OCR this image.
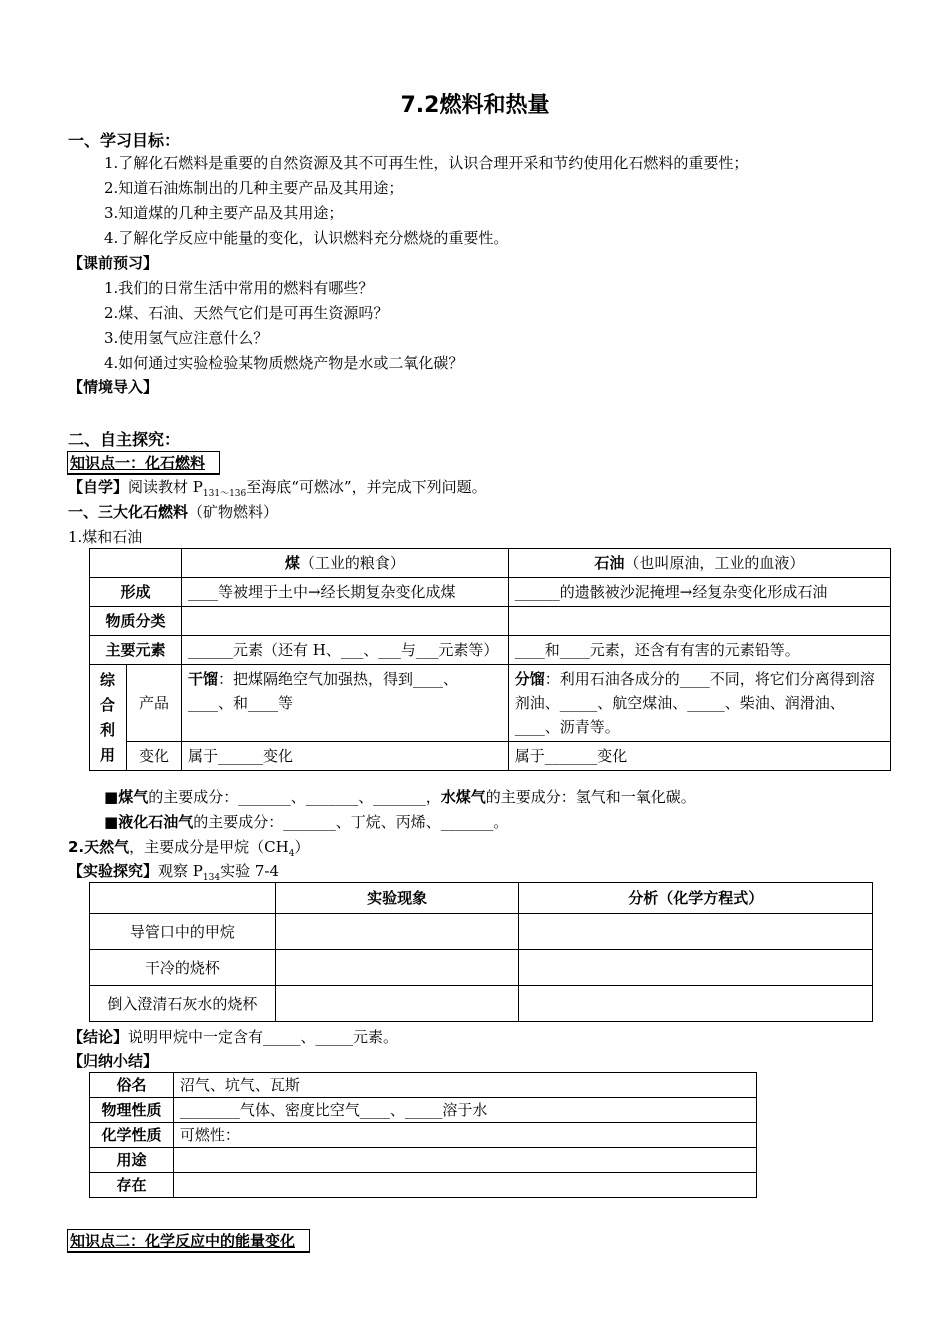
7.2燃料和热量
一、学习目标：
1.了解化石燃料是重要的自然资源及其不可再生性，认识合理开采和节约使用化石燃料的重要性；
2.知道石油炼制出的几种主要产品及其用途；
3.知道煤的几种主要产品及其用途；
4.了解化学反应中能量的变化，认识燃料充分燃烧的重要性。
【课前预习】
1.我们的日常生活中常用的燃料有哪些？
2.煤、石油、天然气它们是可再生资源吗？
3.使用氢气应注意什么？
4.如何通过实验检验某物质燃烧产物是水或二氧化碳？
【情境导入】
二、自主探究：
知识点一：化石燃料
【自学】阅读教材 $P_{131\sim 136}$至海底“可燃冰”，并完成下列问题。
一、三大化石燃料（矿物燃料）
1.煤和石油
		煤（工业的粮食）	石油（也叫原油，工业的血液）
形成		____等被埋于土中→经长期复杂变化成煤	______的遗骸被沙泥掩埋→经复杂变化形成石油
物质分类			
主要元素		______元素（还有 H、___、___与___元素等）	____和____元素，还含有有害的元素铅等。

综合利用	产品	干馏：把煤隔绝空气加强热，得到____、____、和____等	分馏：利用石油各成分的____不同，将它们分离得到溶剂油、_____、航空煤油、_____、柴油、润滑油、____、沥青等。
	变化	属于______变化	属于_______变化
■煤气的主要成分：_______、_______、_______，水煤气的主要成分：氢气和一氧化碳。
■液化石油气的主要成分：_______、丁烷、丙烯、_______。
2.天然气，主要成分是甲烷$(CH_4)$
【实验探究】观察 $P_{134}$实验 7-4
	实验现象	分析（化学方程式）
导管口中的甲烷		
干冷的烧杯		
倒入澄清石灰水的烧杯		
【结论】说明甲烷中一定含有_____、_____元素。
【归纳小结】
俗名	沼气、坑气、瓦斯
物理性质	________气体、密度比空气____、_____溶于水
化学性质	可燃性：
用途	
存在	
知识点二：化学反应中的能量变化
